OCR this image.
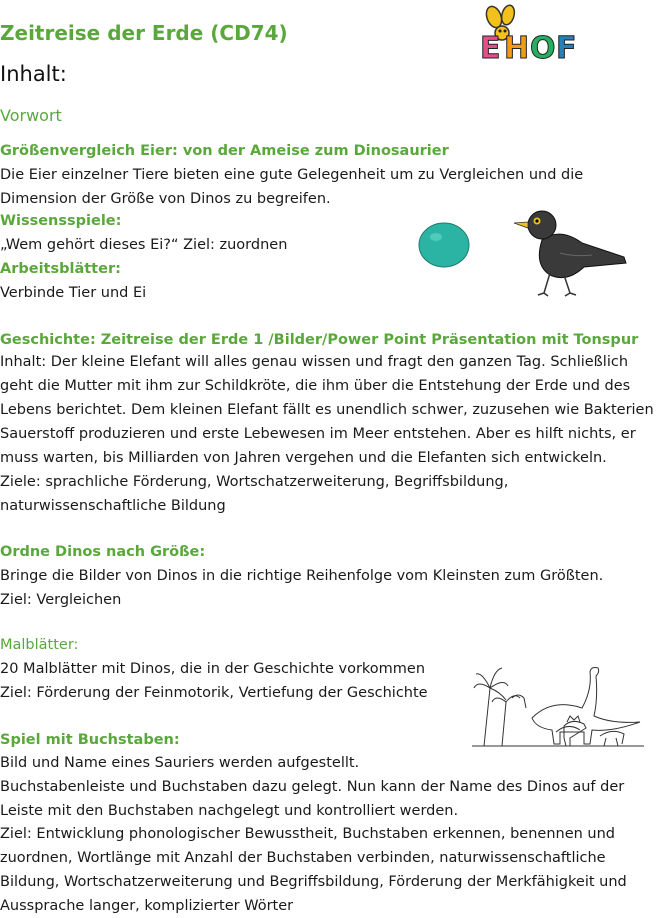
Zeitreise der Erde (CD74)	E H O F
Inhalt:
Vorwort
Größenvergleich Eier: von der Ameise zum Dinosaurier
Die Eier einzelner Tiere bieten eine gute Gelegenheit um zu Vergleichen und die
Dimension der Größe von Dinos zu begreifen.
Wissensspiele:
„Wem gehört dieses Ei?“ Ziel: zuordnen
Arbeitsblätter:
Verbinde Tier und Ei
Geschichte: Zeitreise der Erde 1 /Bilder/Power Point Präsentation mit Tonspur
Inhalt: Der kleine Elefant will alles genau wissen und fragt den ganzen Tag. Schließlich
geht die Mutter mit ihm zur Schildkröte, die ihm über die Entstehung der Erde und des
Lebens berichtet. Dem kleinen Elefant fällt es unendlich schwer, zuzusehen wie Bakterien
Sauerstoff produzieren und erste Lebewesen im Meer entstehen. Aber es hilft nichts, er
muss warten, bis Milliarden von Jahren vergehen und die Elefanten sich entwickeln.
Ziele: sprachliche Förderung, Wortschatzerweiterung, Begriffsbildung,
naturwissenschaftliche Bildung
Ordne Dinos nach Größe:
Bringe die Bilder von Dinos in die richtige Reihenfolge vom Kleinsten zum Größten.
Ziel: Vergleichen
Malblätter:
20 Malblätter mit Dinos, die in der Geschichte vorkommen
Ziel: Förderung der Feinmotorik, Vertiefung der Geschichte
Spiel mit Buchstaben:
Bild und Name eines Sauriers werden aufgestellt.
Buchstabenleiste und Buchstaben dazu gelegt. Nun kann der Name des Dinos auf der
Leiste mit den Buchstaben nachgelegt und kontrolliert werden.
Ziel: Entwicklung phonologischer Bewusstheit, Buchstaben erkennen, benennen und
zuordnen, Wortlänge mit Anzahl der Buchstaben verbinden, naturwissenschaftliche
Bildung, Wortschatzerweiterung und Begriffsbildung, Förderung der Merkfähigkeit und
Aussprache langer, komplizierter Wörter
